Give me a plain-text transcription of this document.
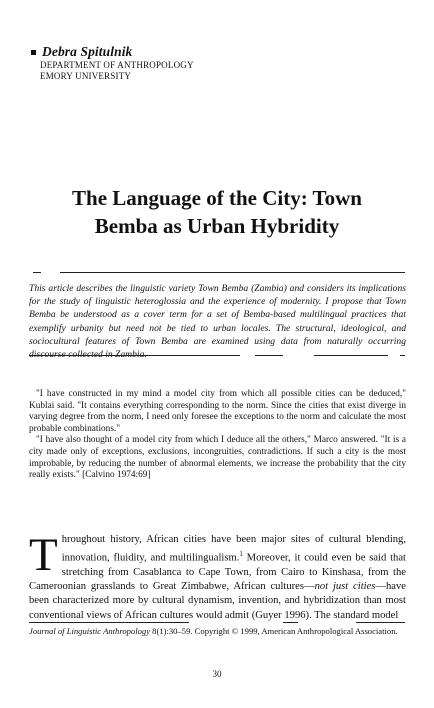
Debra Spitulnik
DEPARTMENT OF ANTHROPOLOGY
EMORY UNIVERSITY
The Language of the City: Town
Bemba as Urban Hybridity
This article describes the linguistic variety Town Bemba (Zambia) and considers its implications for the study of linguistic heteroglossia and the experience of modernity. I propose that Town Bemba be understood as a cover term for a set of Bemba-based multilingual practices that exemplify urbanity but need not be tied to urban locales. The structural, ideological, and sociocultural features of Town Bemba are examined using data from naturally occurring discourse collected in Zambia.

"I have constructed in my mind a model city from which all possible cities can be deduced," Kublai said. "It contains everything corresponding to the norm. Since the cities that exist diverge in varying degree from the norm, I need only foresee the exceptions to the norm and calculate the most probable combinations."

"I have also thought of a model city from which I deduce all the others," Marco answered. "It is a city made only of exceptions, exclusions, incongruities, contradictions. If such a city is the most improbable, by reducing the number of abnormal elements, we increase the probability that the city really exists." [Calvino 1974:69]

Throughout history, African cities have been major sites of cultural blending, innovation, fluidity, and multilingualism.$^1$ Moreover, it could even be said that stretching from Casablanca to Cape Town, from Cairo to Kinshasa, from the Cameroonian grasslands to Great Zimbabwe, African cultures—not just cities—have been characterized more by cultural dynamism, invention, and hybridization than most conventional views of African cultures would admit (Guyer 1996). The standard model
Journal of Linguistic Anthropology 8(1):30–59. Copyright © 1999, American Anthropological Association.
30
